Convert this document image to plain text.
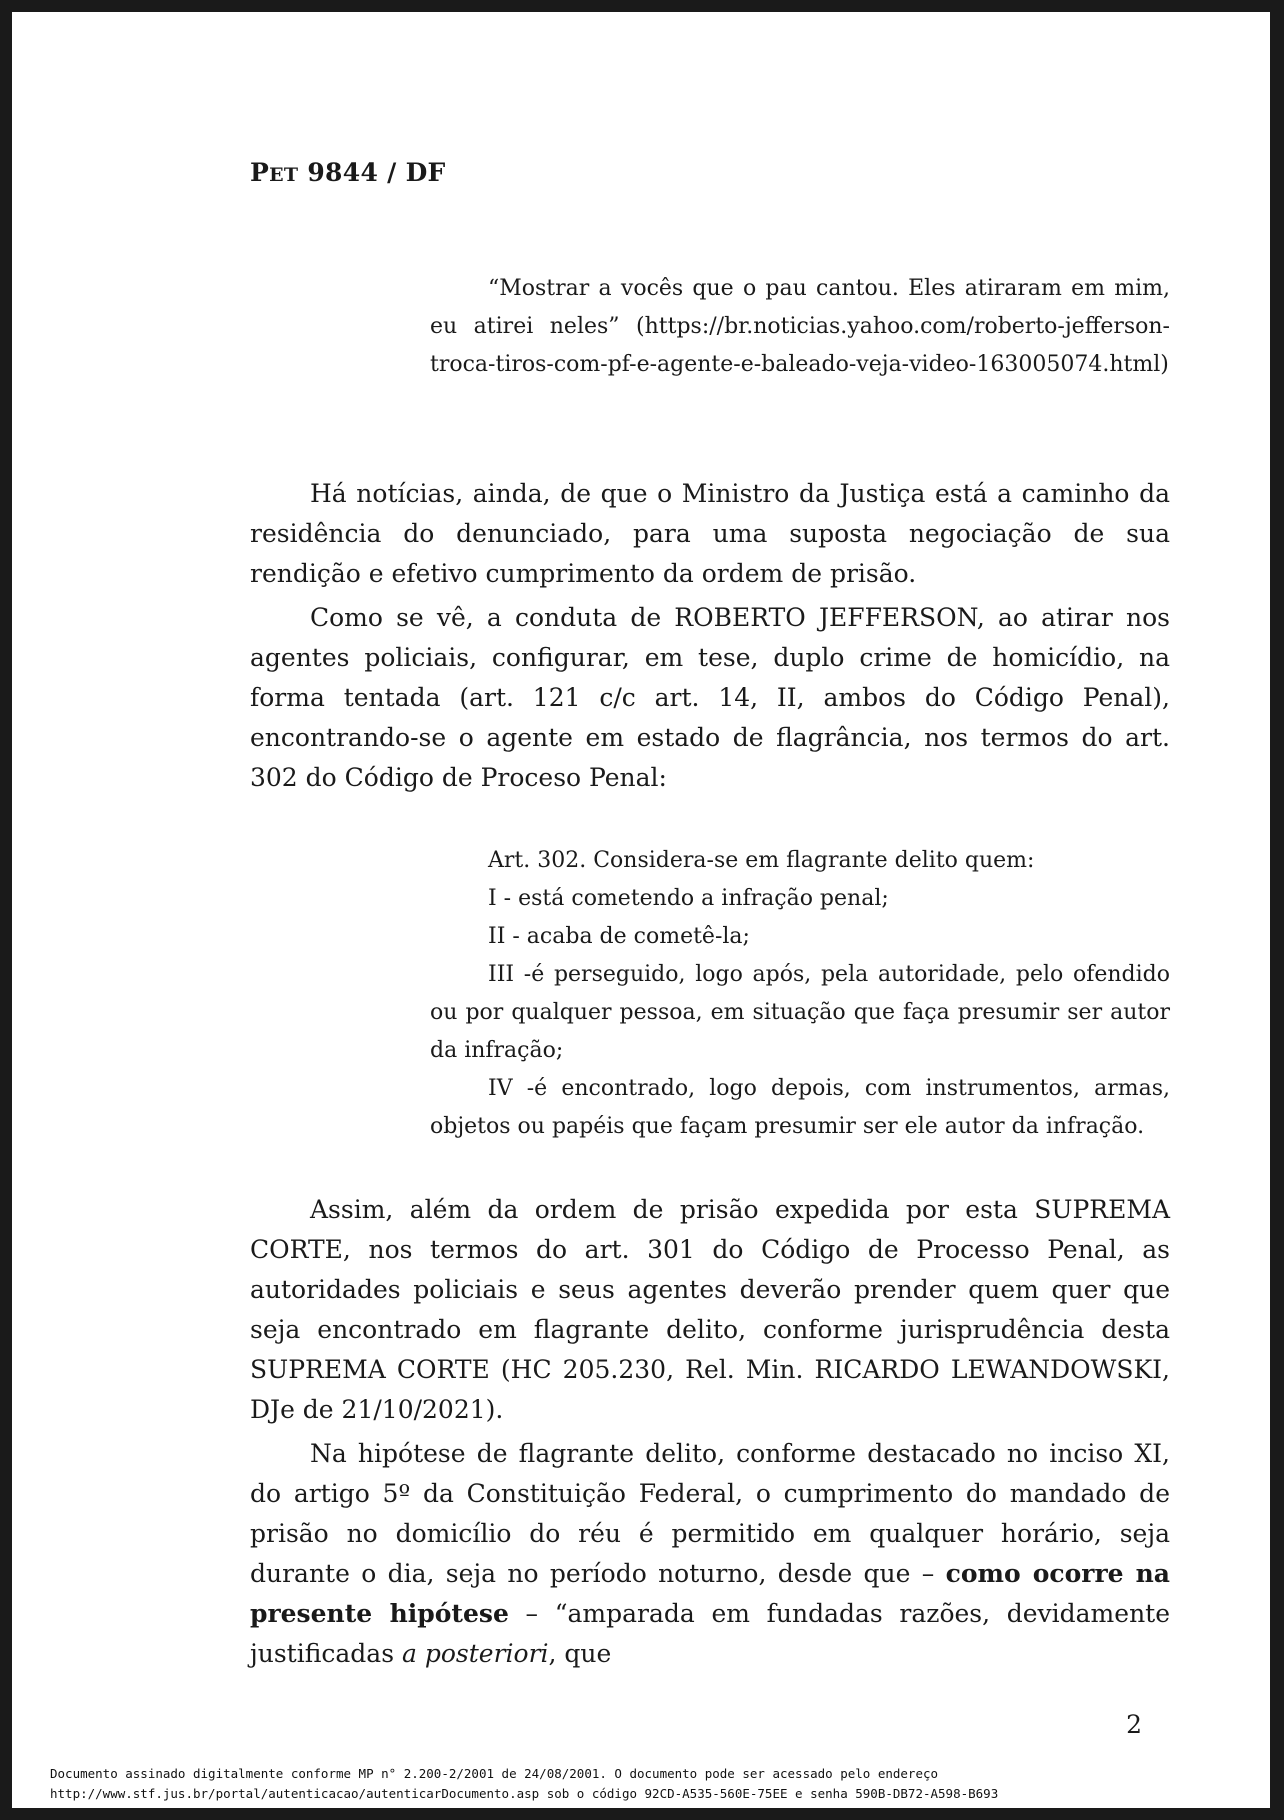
PET 9844 / DF

“Mostrar a vocês que o pau cantou. Eles atiraram em mim, eu atirei neles” (https://br.noticias.yahoo.com/roberto-jefferson-troca-tiros-com-pf-e-agente-e-baleado-veja-video-163005074.html)

Há notícias, ainda, de que o Ministro da Justiça está a caminho da residência do denunciado, para uma suposta negociação de sua rendição e efetivo cumprimento da ordem de prisão.

Como se vê, a conduta de ROBERTO JEFFERSON, ao atirar nos agentes policiais, configurar, em tese, duplo crime de homicídio, na forma tentada (art. 121 c/c art. 14, II, ambos do Código Penal), encontrando-se o agente em estado de flagrância, nos termos do art. 302 do Código de Proceso Penal:

Art. 302. Considera-se em flagrante delito quem:

I - está cometendo a infração penal;

II - acaba de cometê-la;

III -é perseguido, logo após, pela autoridade, pelo ofendido ou por qualquer pessoa, em situação que faça presumir ser autor da infração;

IV -é encontrado, logo depois, com instrumentos, armas, objetos ou papéis que façam presumir ser ele autor da infração.

Assim, além da ordem de prisão expedida por esta SUPREMA CORTE, nos termos do art. 301 do Código de Processo Penal, as autoridades policiais e seus agentes deverão prender quem quer que seja encontrado em flagrante delito, conforme jurisprudência desta SUPREMA CORTE (HC 205.230, Rel. Min. RICARDO LEWANDOWSKI, DJe de 21/10/2021).

Na hipótese de flagrante delito, conforme destacado no inciso XI, do artigo 5º da Constituição Federal, o cumprimento do mandado de prisão no domicílio do réu é permitido em qualquer horário, seja durante o dia, seja no período noturno, desde que – como ocorre na presente hipótese – “amparada em fundadas razões, devidamente justificadas a posteriori, que

2
Documento assinado digitalmente conforme MP n° 2.200-2/2001 de 24/08/2001. O documento pode ser acessado pelo endereço
http://www.stf.jus.br/portal/autenticacao/autenticarDocumento.asp sob o código 92CD-A535-560E-75EE e senha 590B-DB72-A598-B693
